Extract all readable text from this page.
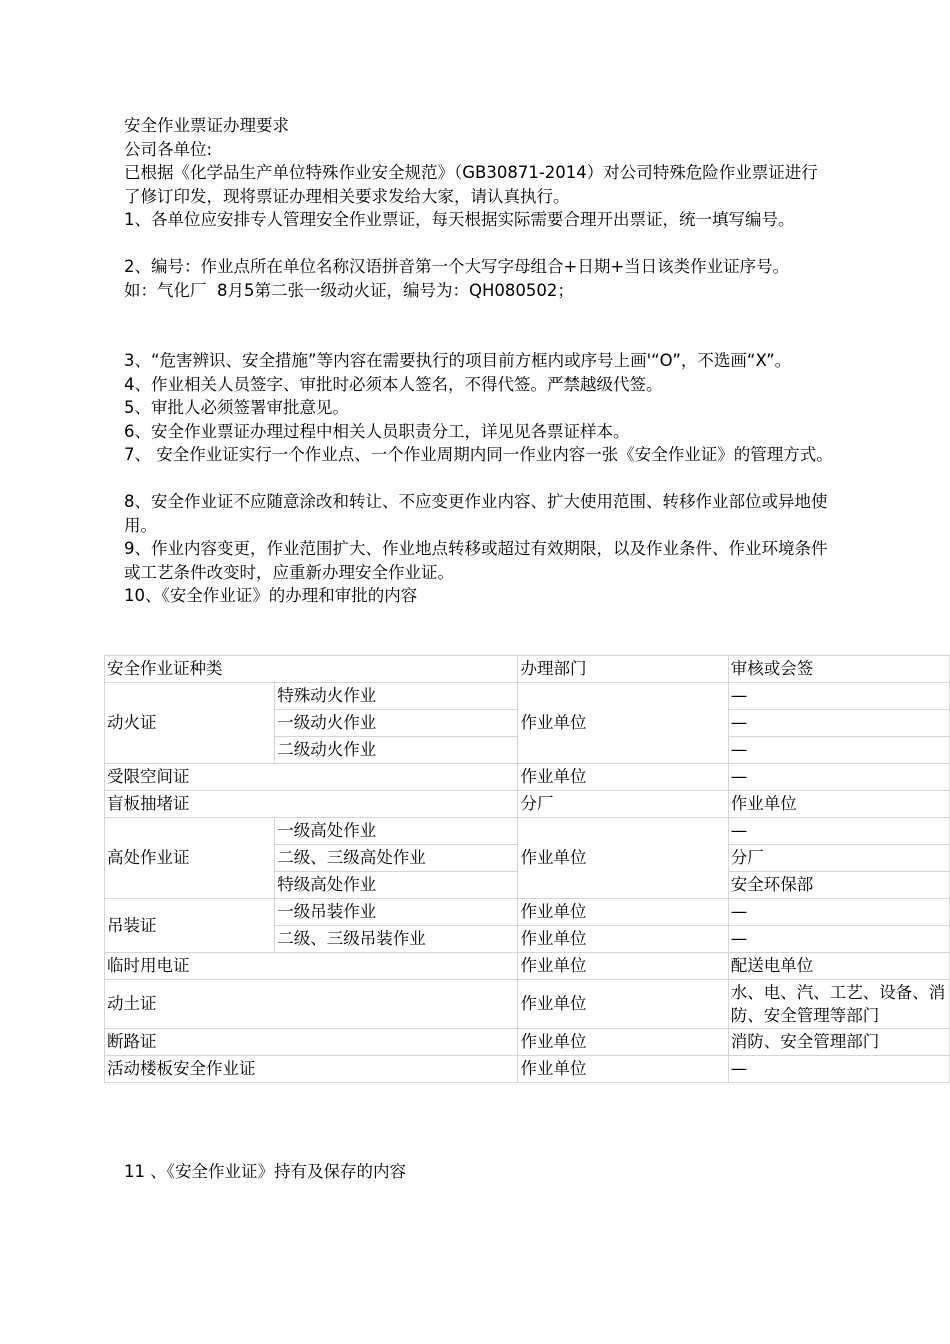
安全作业票证办理要求

公司各单位:

已根据《化学品生产单位特殊作业安全规范》（GB30871-2014）对公司特殊危险作业票证进行了修订印发，现将票证办理相关要求发给大家，请认真执行。

1、各单位应安排专人管理安全作业票证，每天根据实际需要合理开出票证，统一填写编号。

2、编号：作业点所在单位名称汉语拼音第一个大写字母组合+日期+当日该类作业证序号。

如：气化厂  8月5第二张一级动火证，编号为：QH080502；

3、“危害辨识、安全措施”等内容在需要执行的项目前方框内或序号上画'“O”，不选画“X”。

4、作业相关人员签字、审批时必须本人签名，不得代签。严禁越级代签。

5、审批人必须签署审批意见。

6、安全作业票证办理过程中相关人员职责分工，详见见各票证样本。

7、 安全作业证实行一个作业点、一个作业周期内同一作业内容一张《安全作业证》的管理方式。

8、安全作业证不应随意涂改和转让、不应变更作业内容、扩大使用范围、转移作业部位或异地使用。

9、作业内容变更，作业范围扩大、作业地点转移或超过有效期限，以及作业条件、作业环境条件或工艺条件改变时，应重新办理安全作业证。

10、《安全作业证》的办理和审批的内容

安全作业证种类		办理部门	审核或会签
动火证	特殊动火作业	作业单位	—
	一级动火作业		—
	二级动火作业		—
受限空间证		作业单位	—
盲板抽堵证		分厂	作业单位
高处作业证	一级高处作业	作业单位	—
	二级、三级高处作业		分厂
	特级高处作业		安全环保部
吊装证	一级吊装作业	作业单位	—
	二级、三级吊装作业	作业单位	—
临时用电证		作业单位	配送电单位
动土证		作业单位	水、电、汽、工艺、设备、消防、安全管理等部门
断路证		作业单位	消防、安全管理部门
活动楼板安全作业证		作业单位	—

11 、《安全作业证》持有及保存的内容
